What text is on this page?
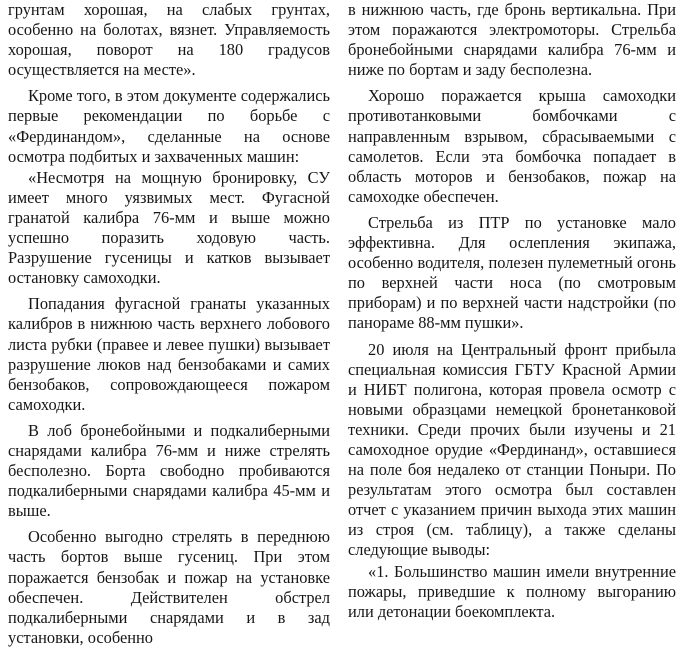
грунтам хорошая, на слабых грунтах, особенно на болотах, вязнет. Управляемость хорошая, поворот на 180 градусов осуществляется на месте».

Кроме того, в этом документе содержались первые рекомендации по борьбе с «Фердинандом», сделанные на основе осмотра подбитых и захваченных машин:

«Несмотря на мощную бронировку, СУ имеет много уязвимых мест. Фугасной гранатой калибра 76-мм и выше можно успешно поразить ходовую часть. Разрушение гусеницы и катков вызывает остановку самоходки.

Попадания фугасной гранаты указанных калибров в нижнюю часть верхнего лобового листа рубки (правее и левее пушки) вызывает разрушение люков над бензобаками и самих бензобаков, сопровождающееся пожаром самоходки.

В лоб бронебойными и подкалиберными снарядами калибра 76-мм и ниже стрелять бесполезно. Борта свободно пробиваются подкалиберными снарядами калибра 45-мм и выше.

Особенно выгодно стрелять в переднюю часть бортов выше гусениц. При этом поражается бензобак и пожар на установке обеспечен. Действителен обстрел подкалиберными снарядами и в зад установки, особенно

в нижнюю часть, где бронь вертикальна. При этом поражаются электромоторы. Стрельба бронебойными снарядами калибра 76-мм и ниже по бортам и заду бесполезна.

Хорошо поражается крыша самоходки противотанковыми бомбочками с направленным взрывом, сбрасываемыми с самолетов. Если эта бомбочка попадает в область моторов и бензобаков, пожар на самоходке обеспечен.

Стрельба из ПТР по установке мало эффективна. Для ослепления экипажа, особенно водителя, полезен пулеметный огонь по верхней части носа (по смотровым приборам) и по верхней части надстройки (по панораме 88-мм пушки».

20 июля на Центральный фронт прибыла специальная комиссия ГБТУ Красной Армии и НИБТ полигона, которая провела осмотр с новыми образцами немецкой бронетанковой техники. Среди прочих были изучены и 21 самоходное орудие «Фердинанд», оставшиеся на поле боя недалеко от станции Поныри. По результатам этого осмотра был составлен отчет с указанием причин выхода этих машин из строя (см. таблицу), а также сделаны следующие выводы:

«1. Большинство машин имели внутренние пожары, приведшие к полному выгоранию или детонации боекомплекта.
